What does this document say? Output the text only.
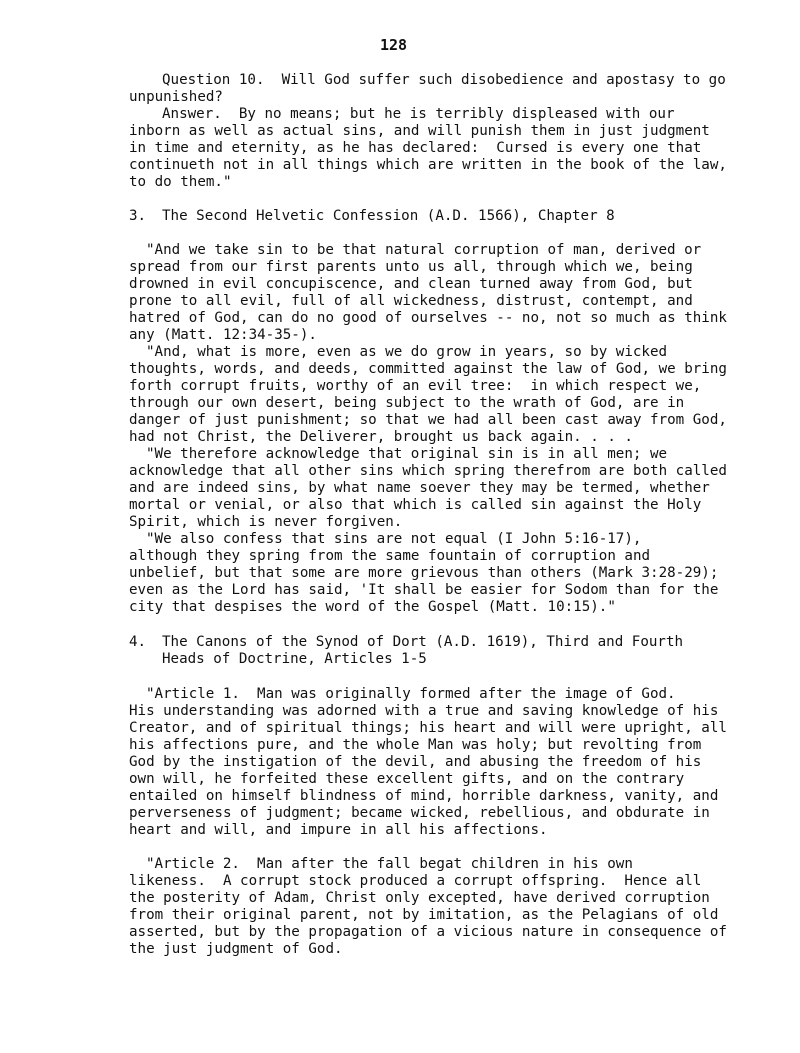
128

Question 10.  Will God suffer such disobedience and apostasy to go

unpunished?

Answer.  By no means; but he is terribly displeased with our

inborn as well as actual sins, and will punish them in just judgment

in time and eternity, as he has declared:  Cursed is every one that

continueth not in all things which are written in the book of the law,

to do them."

3.

The Second Helvetic Confession (A.D. 1566), Chapter 8

"And we take sin to be that natural corruption of man, derived or

spread from our first parents unto us all, through which we, being

drowned in evil concupiscence, and clean turned away from God, but

prone to all evil, full of all wickedness, distrust, contempt, and

hatred of God, can do no good of ourselves -- no, not so much as think

any (Matt. 12:34-35-).

"And, what is more, even as we do grow in years, so by wicked

thoughts, words, and deeds, committed against the law of God, we bring

forth corrupt fruits, worthy of an evil tree:  in which respect we,

through our own desert, being subject to the wrath of God, are in

danger of just punishment; so that we had all been cast away from God,

had not Christ, the Deliverer, brought us back again. . . .

"We therefore acknowledge that original sin is in all men; we

acknowledge that all other sins which spring therefrom are both called

and are indeed sins, by what name soever they may be termed, whether

mortal or venial, or also that which is called sin against the Holy

Spirit, which is never forgiven.

"We also confess that sins are not equal (I John 5:16-17),

although they spring from the same fountain of corruption and

unbelief, but that some are more grievous than others (Mark 3:28-29);

even as the Lord has said, 'It shall be easier for Sodom than for the

city that despises the word of the Gospel (Matt. 10:15)."

4.

The Canons of the Synod of Dort (A.D. 1619), Third and Fourth

Heads of Doctrine, Articles 1-5

"Article 1.  Man was originally formed after the image of God.

His understanding was adorned with a true and saving knowledge of his

Creator, and of spiritual things; his heart and will were upright, all

his affections pure, and the whole Man was holy; but revolting from

God by the instigation of the devil, and abusing the freedom of his

own will, he forfeited these excellent gifts, and on the contrary

entailed on himself blindness of mind, horrible darkness, vanity, and

perverseness of judgment; became wicked, rebellious, and obdurate in

heart and will, and impure in all his affections.

"Article 2.  Man after the fall begat children in his own

likeness.  A corrupt stock produced a corrupt offspring.  Hence all

the posterity of Adam, Christ only excepted, have derived corruption

from their original parent, not by imitation, as the Pelagians of old

asserted, but by the propagation of a vicious nature in consequence of

the just judgment of God.
